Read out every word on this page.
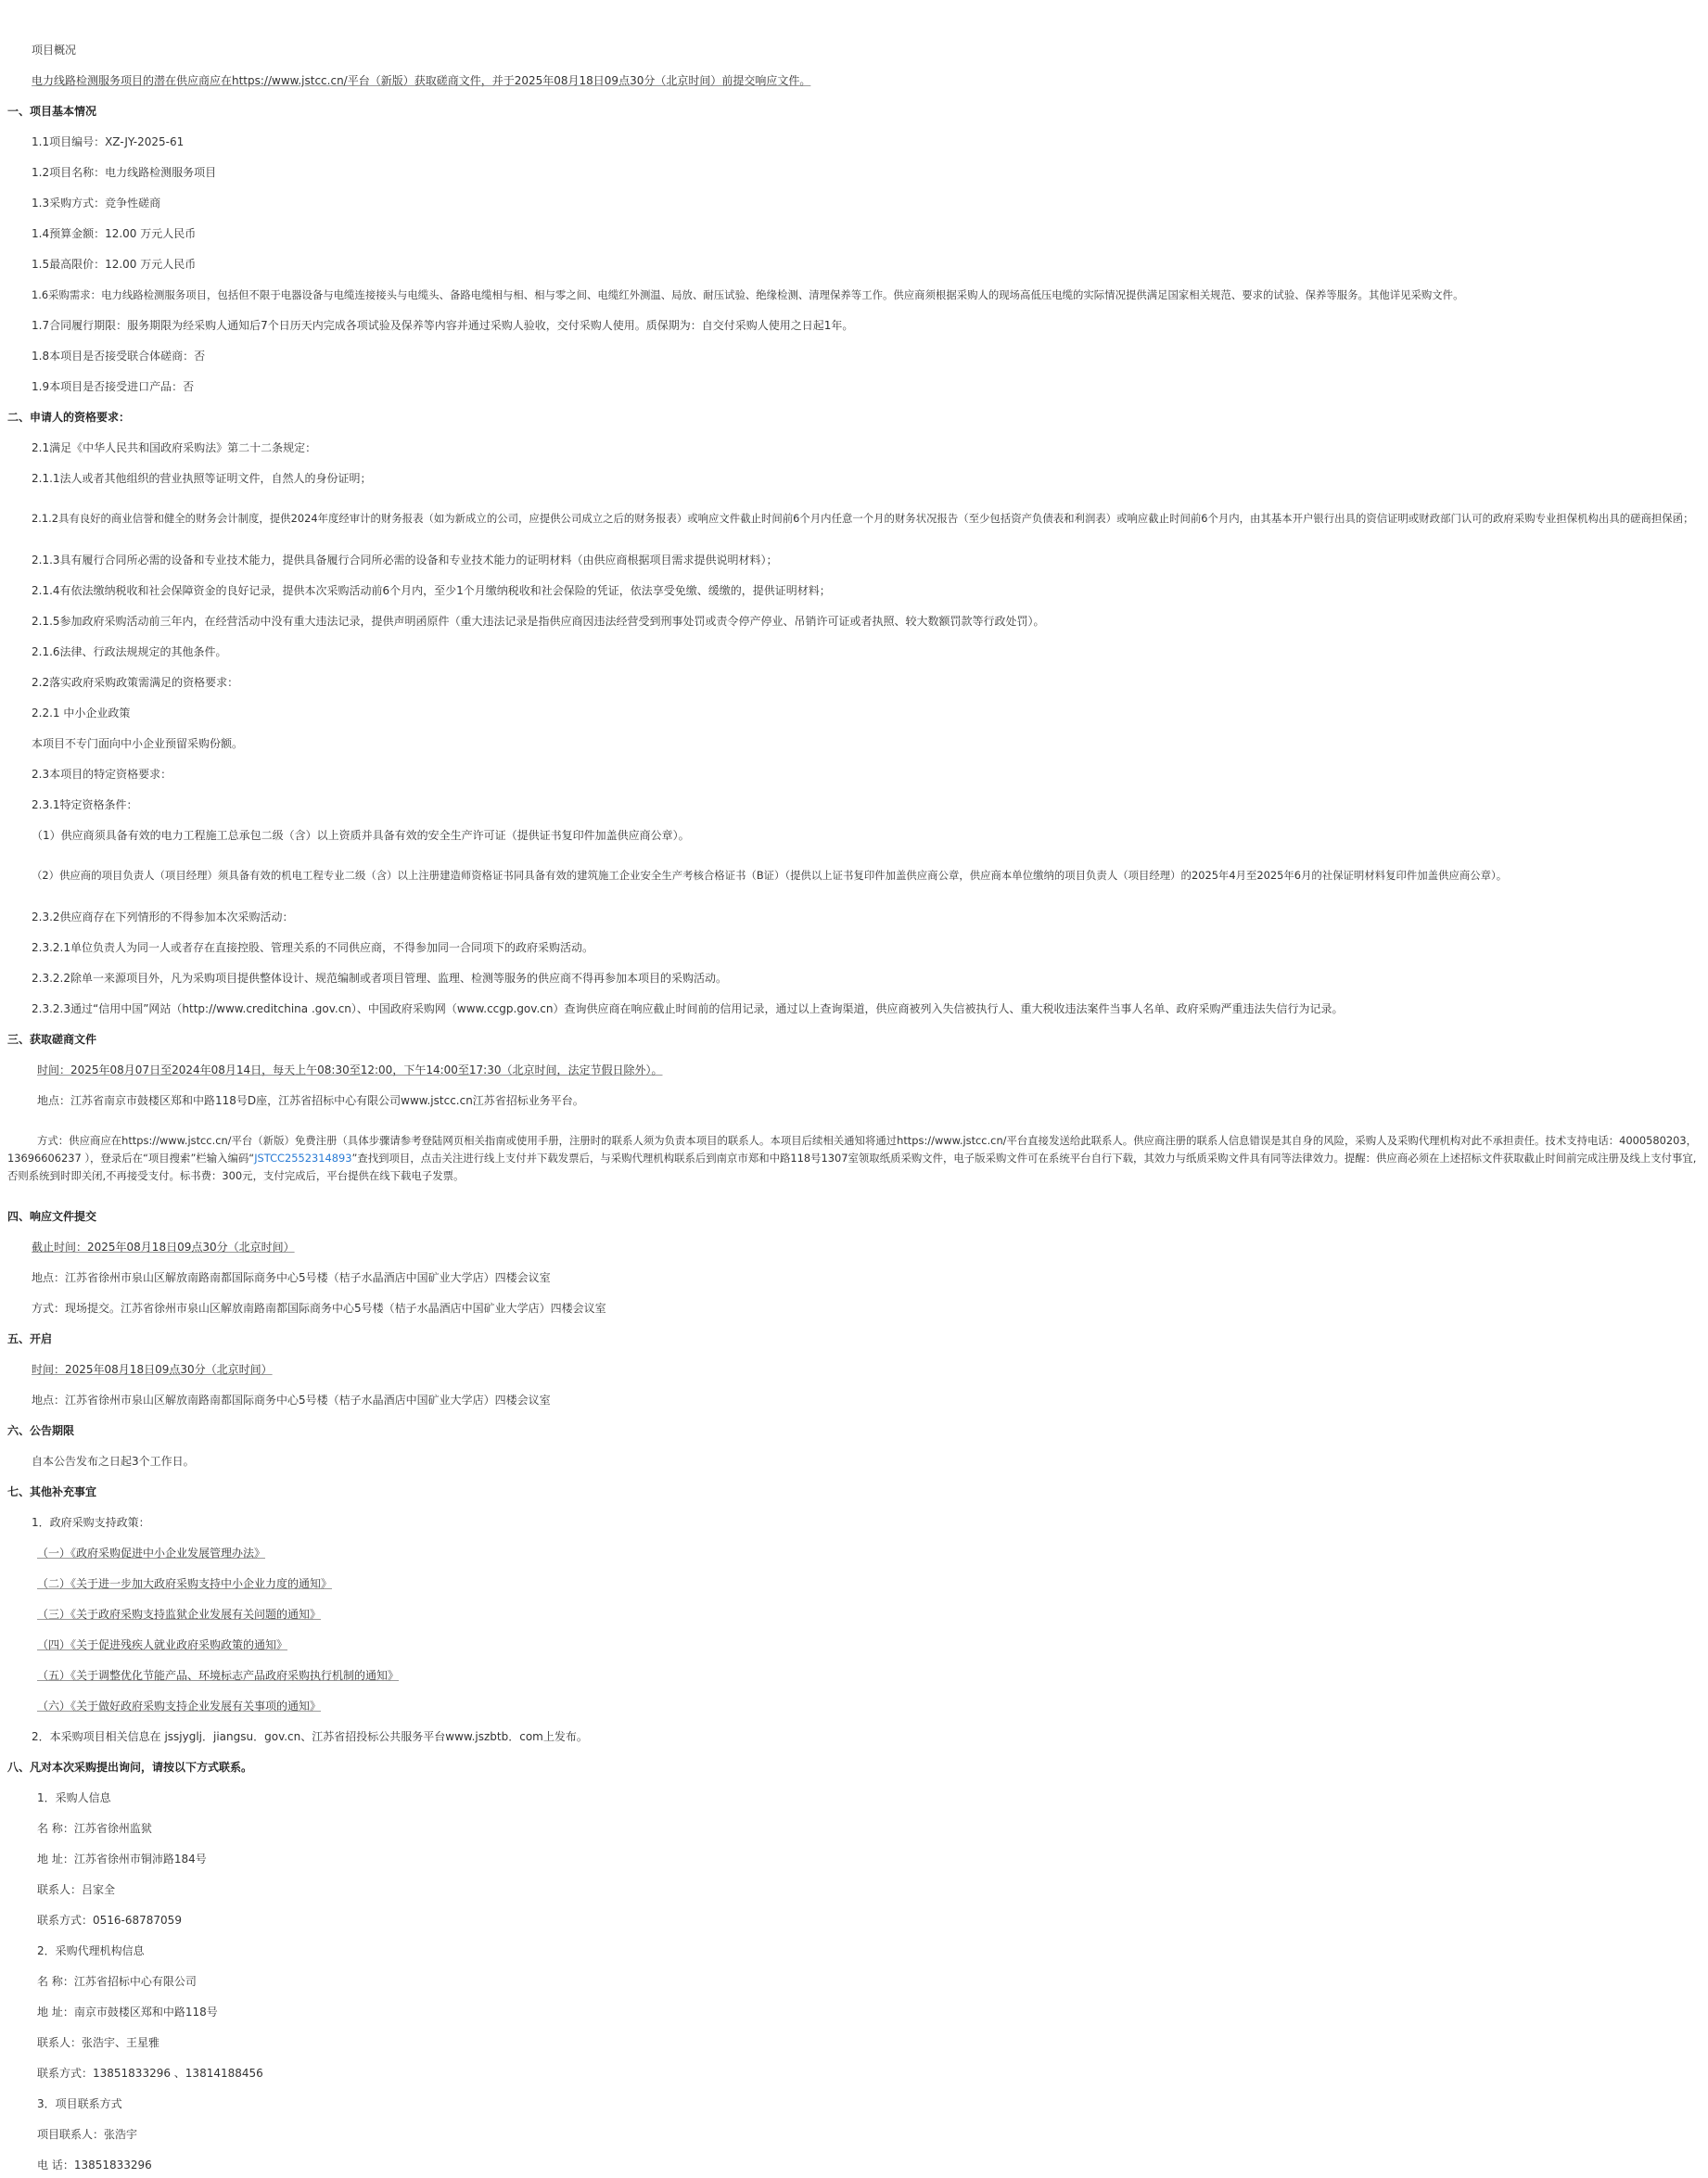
项目概况

电力线路检测服务项目的潜在供应商应在https://www.jstcc.cn/平台（新版）获取磋商文件，并于2025年08月18日09点30分（北京时间）前提交响应文件。

一、项目基本情况

1.1项目编号：XZ-JY-2025-61

1.2项目名称：电力线路检测服务项目

1.3采购方式：竞争性磋商

1.4预算金额：12.00 万元人民币

1.5最高限价：12.00 万元人民币

1.6采购需求：电力线路检测服务项目，包括但不限于电器设备与电缆连接接头与电缆头、备路电缆相与相、相与零之间、电缆红外测温、局放、耐压试验、绝缘检测、清理保养等工作。供应商须根据采购人的现场高低压电缆的实际情况提供满足国家相关规范、要求的试验、保养等服务。其他详见采购文件。

1.7合同履行期限：服务期限为经采购人通知后7个日历天内完成各项试验及保养等内容并通过采购人验收，交付采购人使用。质保期为：自交付采购人使用之日起1年。

1.8本项目是否接受联合体磋商：否

1.9本项目是否接受进口产品：否

二、申请人的资格要求：

2.1满足《中华人民共和国政府采购法》第二十二条规定：

2.1.1法人或者其他组织的营业执照等证明文件，自然人的身份证明；

2.1.2具有良好的商业信誉和健全的财务会计制度，提供2024年度经审计的财务报表（如为新成立的公司，应提供公司成立之后的财务报表）或响应文件截止时间前6个月内任意一个月的财务状况报告（至少包括资产负债表和利润表）或响应截止时间前6个月内，由其基本开户银行出具的资信证明或财政部门认可的政府采购专业担保机构出具的磋商担保函；

2.1.3具有履行合同所必需的设备和专业技术能力，提供具备履行合同所必需的设备和专业技术能力的证明材料（由供应商根据项目需求提供说明材料）；

2.1.4有依法缴纳税收和社会保障资金的良好记录，提供本次采购活动前6个月内，至少1个月缴纳税收和社会保险的凭证，依法享受免缴、缓缴的，提供证明材料；

2.1.5参加政府采购活动前三年内，在经营活动中没有重大违法记录，提供声明函原件（重大违法记录是指供应商因违法经营受到刑事处罚或责令停产停业、吊销许可证或者执照、较大数额罚款等行政处罚）。

2.1.6法律、行政法规规定的其他条件。

2.2落实政府采购政策需满足的资格要求：

2.2.1 中小企业政策

本项目不专门面向中小企业预留采购份额。

2.3本项目的特定资格要求：

2.3.1特定资格条件：

（1）供应商须具备有效的电力工程施工总承包二级（含）以上资质并具备有效的安全生产许可证（提供证书复印件加盖供应商公章）。

（2）供应商的项目负责人（项目经理）须具备有效的机电工程专业二级（含）以上注册建造师资格证书同具备有效的建筑施工企业安全生产考核合格证书（B证）（提供以上证书复印件加盖供应商公章，供应商本单位缴纳的项目负责人（项目经理）的2025年4月至2025年6月的社保证明材料复印件加盖供应商公章）。

2.3.2供应商存在下列情形的不得参加本次采购活动：

2.3.2.1单位负责人为同一人或者存在直接控股、管理关系的不同供应商，不得参加同一合同项下的政府采购活动。

2.3.2.2除单一来源项目外，凡为采购项目提供整体设计、规范编制或者项目管理、监理、检测等服务的供应商不得再参加本项目的采购活动。

2.3.2.3通过“信用中国”网站（http://www.creditchina .gov.cn）、中国政府采购网（www.ccgp.gov.cn）查询供应商在响应截止时间前的信用记录，通过以上查询渠道，供应商被列入失信被执行人、重大税收违法案件当事人名单、政府采购严重违法失信行为记录。

三、获取磋商文件

时间：2025年08月07日至2024年08月14日，每天上午08:30至12:00，下午14:00至17:30（北京时间，法定节假日除外）。

地点：江苏省南京市鼓楼区郑和中路118号D座，江苏省招标中心有限公司www.jstcc.cn江苏省招标业务平台。

方式：供应商应在https://www.jstcc.cn/平台（新版）免费注册（具体步骤请参考登陆网页相关指南或使用手册，注册时的联系人须为负责本项目的联系人。本项目后续相关通知将通过https://www.jstcc.cn/平台直接发送给此联系人。供应商注册的联系人信息错误是其自身的风险，采购人及采购代理机构对此不承担责任。技术支持电话：4000580203，13696606237 ），登录后在“项目搜索”栏输入编码“JSTCC2552314893”查找到项目，点击关注进行线上支付并下载发票后，与采购代理机构联系后到南京市郑和中路118号1307室领取纸质采购文件，电子版采购文件可在系统平台自行下载，其效力与纸质采购文件具有同等法律效力。提醒：供应商必须在上述招标文件获取截止时间前完成注册及线上支付事宜,否则系统到时即关闭,不再接受支付。标书费：300元，支付完成后，平台提供在线下载电子发票。

四、响应文件提交

截止时间：2025年08月18日09点30分（北京时间）

地点：江苏省徐州市泉山区解放南路南都国际商务中心5号楼（桔子水晶酒店中国矿业大学店）四楼会议室

方式：现场提交。江苏省徐州市泉山区解放南路南都国际商务中心5号楼（桔子水晶酒店中国矿业大学店）四楼会议室

五、开启

时间：2025年08月18日09点30分（北京时间）

地点：江苏省徐州市泉山区解放南路南都国际商务中心5号楼（桔子水晶酒店中国矿业大学店）四楼会议室

六、公告期限

自本公告发布之日起3个工作日。

七、其他补充事宜

1．政府采购支持政策：

（一）《政府采购促进中小企业发展管理办法》

（二）《关于进一步加大政府采购支持中小企业力度的通知》

（三）《关于政府采购支持监狱企业发展有关问题的通知》

（四）《关于促进残疾人就业政府采购政策的通知》

（五）《关于调整优化节能产品、环境标志产品政府采购执行机制的通知》

（六）《关于做好政府采购支持企业发展有关事项的通知》

2．本采购项目相关信息在 jssjyglj．jiangsu．gov.cn、江苏省招投标公共服务平台www.jszbtb．com上发布。

八、凡对本次采购提出询问，请按以下方式联系。

1．采购人信息

名 称：江苏省徐州监狱

地 址：江苏省徐州市铜沛路184号

联系人：吕家全

联系方式：0516-68787059

2．采购代理机构信息

名 称：江苏省招标中心有限公司

地 址：南京市鼓楼区郑和中路118号

联系人：张浩宇、王星雅

联系方式：13851833296 、13814188456

3．项目联系方式

项目联系人：张浩宇

电 话：13851833296
